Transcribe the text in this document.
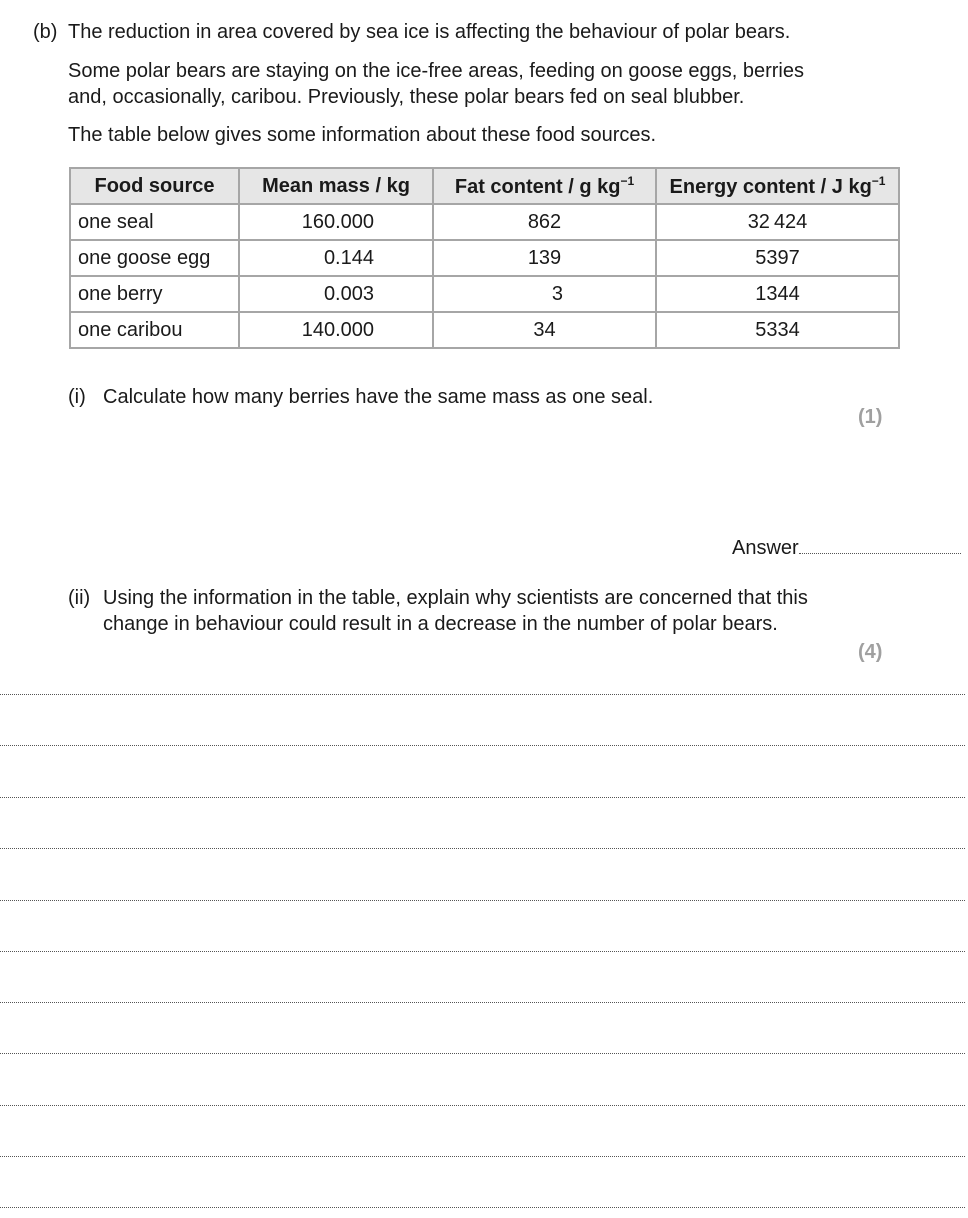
(b) The reduction in area covered by sea ice is affecting the behaviour of polar bears.
Some polar bears are staying on the ice-free areas, feeding on goose eggs, berries
and, occasionally, caribou. Previously, these polar bears fed on seal blubber.
The table below gives some information about these food sources.
Food source	Mean mass / kg	Fat content / g $kg^{-1}$	Energy content / J $kg^{-1}$
one seal	160.000	862	32 424
one goose egg	0.144	139	5397
one berry	0.003	3	1344
one caribou	140.000	34	5334
(i) Calculate how many berries have the same mass as one seal.
(1)
Answer
(ii) Using the information in the table, explain why scientists are concerned that this
change in behaviour could result in a decrease in the number of polar bears.
(4)
